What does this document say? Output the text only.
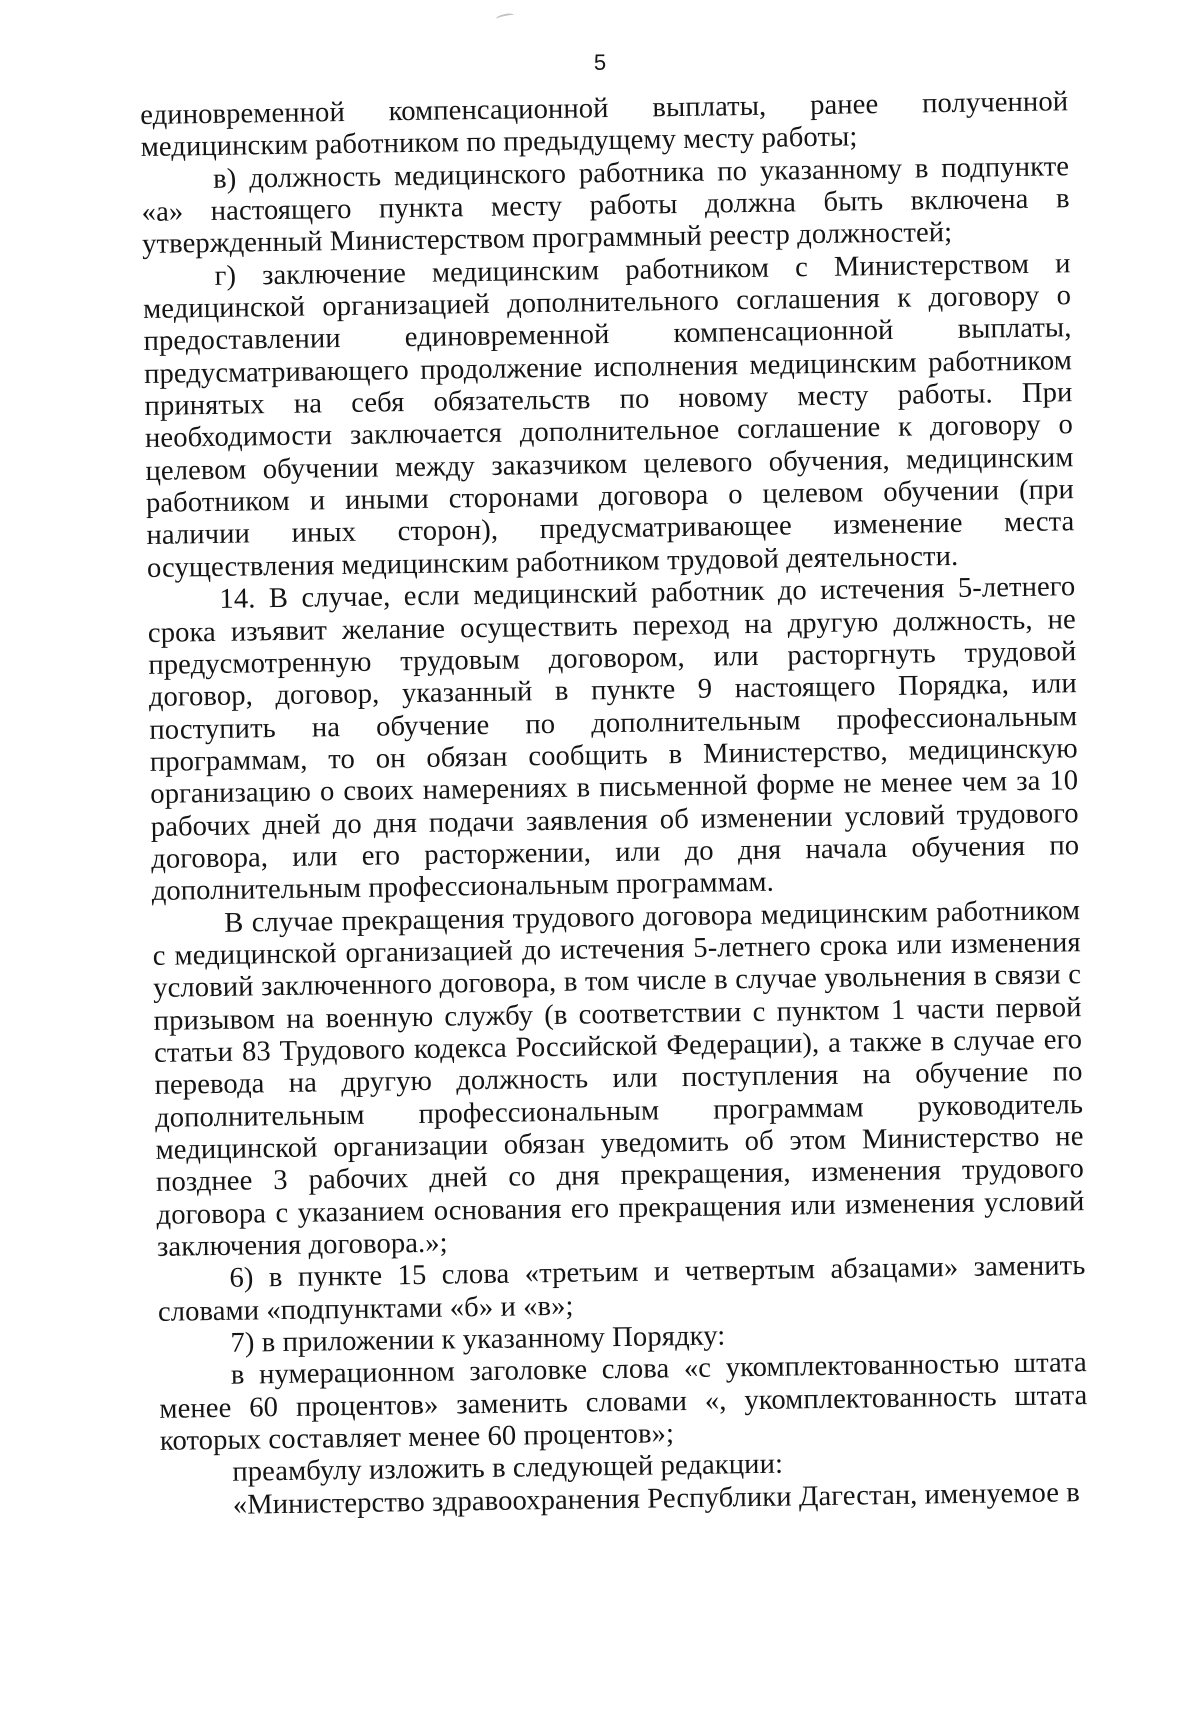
5

единовременной компенсационной выплаты, ранее полученной медицинским работником по предыдущему месту работы;

в) должность медицинского работника по указанному в подпункте «а» настоящего пункта месту работы должна быть включена в утвержденный Министерством программный реестр должностей;

г) заключение медицинским работником с Министерством и медицинской организацией дополнительного соглашения к договору о предоставлении единовременной компенсационной выплаты, предусматривающего продолжение исполнения медицинским работником принятых на себя обязательств по новому месту работы. При необходимости заключается дополнительное соглашение к договору о целевом обучении между заказчиком целевого обучения, медицинским работником и иными сторонами договора о целевом обучении (при наличии иных сторон), предусматривающее изменение места осуществления медицинским работником трудовой деятельности.

14. В случае, если медицинский работник до истечения 5-летнего срока изъявит желание осуществить переход на другую должность, не предусмотренную трудовым договором, или расторгнуть трудовой договор, договор, указанный в пункте 9 настоящего Порядка, или поступить на обучение по дополнительным профессиональным программам, то он обязан сообщить в Министерство, медицинскую организацию о своих намерениях в письменной форме не менее чем за 10 рабочих дней до дня подачи заявления об изменении условий трудового договора, или его расторжении, или до дня начала обучения по дополнительным профессиональным программам.

В случае прекращения трудового договора медицинским работником с медицинской организацией до истечения 5-летнего срока или изменения условий заключенного договора, в том числе в случае увольнения в связи с призывом на военную службу (в соответствии с пунктом 1 части первой статьи 83 Трудового кодекса Российской Федерации), а также в случае его перевода на другую должность или поступления на обучение по дополнительным профессиональным программам руководитель медицинской организации обязан уведомить об этом Министерство не позднее 3 рабочих дней со дня прекращения, изменения трудового договора с указанием основания его прекращения или изменения условий заключения договора.»;

6) в пункте 15 слова «третьим и четвертым абзацами» заменить словами «подпунктами «б» и «в»;

7) в приложении к указанному Порядку:

в нумерационном заголовке слова «с укомплектованностью штата менее 60 процентов» заменить словами «, укомплектованность штата которых составляет менее 60 процентов»;

преамбулу изложить в следующей редакции:

«Министерство здравоохранения Республики Дагестан, именуемое в
